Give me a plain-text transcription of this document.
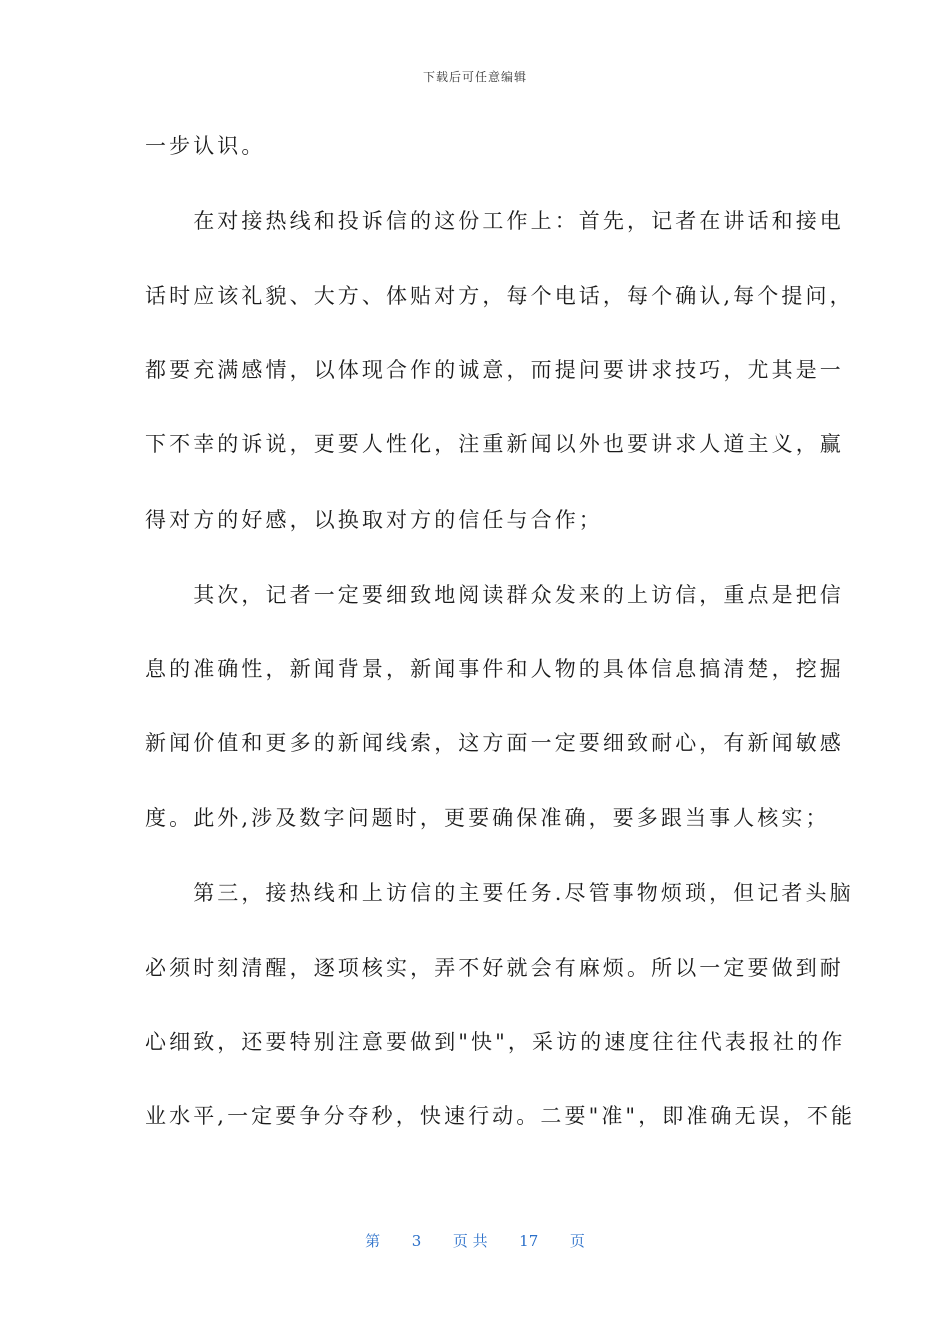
下载后可任意编辑
一步认识。
　　在对接热线和投诉信的这份工作上：首先，记者在讲话和接电
话时应该礼貌、大方、体贴对方，每个电话，每个确认,每个提问，
都要充满感情，以体现合作的诚意，而提问要讲求技巧，尤其是一
下不幸的诉说，更要人性化，注重新闻以外也要讲求人道主义，赢
得对方的好感，以换取对方的信任与合作；
　　其次，记者一定要细致地阅读群众发来的上访信，重点是把信
息的准确性，新闻背景，新闻事件和人物的具体信息搞清楚，挖掘
新闻价值和更多的新闻线索，这方面一定要细致耐心，有新闻敏感
度。此外,涉及数字问题时，更要确保准确，要多跟当事人核实；
　　第三，接热线和上访信的主要任务.尽管事物烦琐，但记者头脑
必须时刻清醒，逐项核实，弄不好就会有麻烦。所以一定要做到耐
心细致，还要特别注意要做到"快"，采访的速度往往代表报社的作
业水平,一定要争分夺秒，快速行动。二要"准"，即准确无误，不能
第 3 页 共 17 页
